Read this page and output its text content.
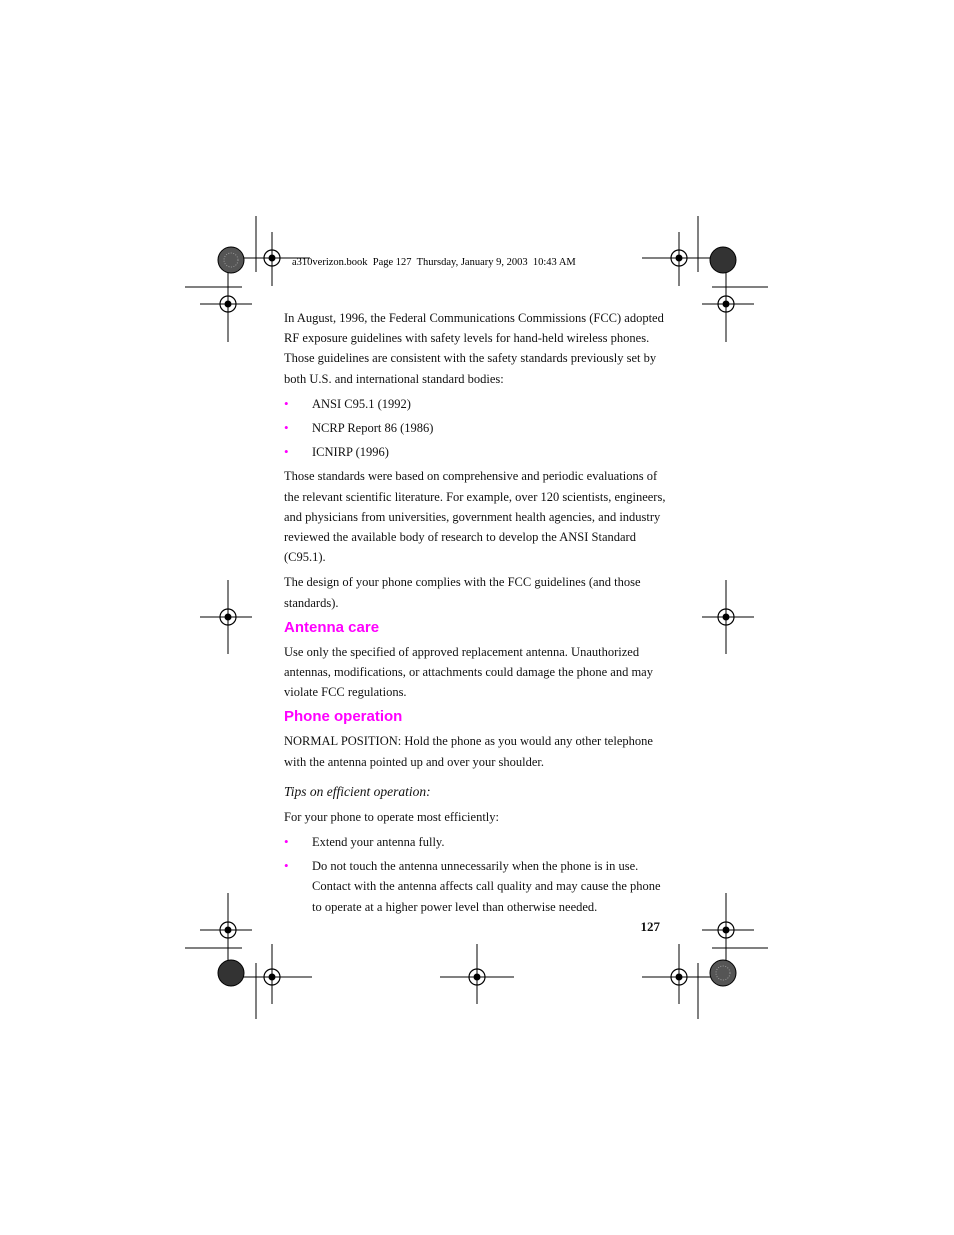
a310verizon.book  Page 127  Thursday, January 9, 2003  10:43 AM

In August, 1996, the Federal Communications Commissions (FCC) adopted RF exposure guidelines with safety levels for hand-held wireless phones. Those guidelines are consistent with the safety standards previously set by both U.S. and international standard bodies:

• ANSI C95.1 (1992)
• NCRP Report 86 (1986)
• ICNIRP (1996)

Those standards were based on comprehensive and periodic evaluations of the relevant scientific literature. For example, over 120 scientists, engineers, and physicians from universities, government health agencies, and industry reviewed the available body of research to develop the ANSI Standard (C95.1).

The design of your phone complies with the FCC guidelines (and those standards).

Antenna care

Use only the specified of approved replacement antenna. Unauthorized antennas, modifications, or attachments could damage the phone and may violate FCC regulations.

Phone operation

NORMAL POSITION: Hold the phone as you would any other telephone with the antenna pointed up and over your shoulder.

Tips on efficient operation:

For your phone to operate most efficiently:

• Extend your antenna fully.
• Do not touch the antenna unnecessarily when the phone is in use. Contact with the antenna affects call quality and may cause the phone to operate at a higher power level than otherwise needed.
127
